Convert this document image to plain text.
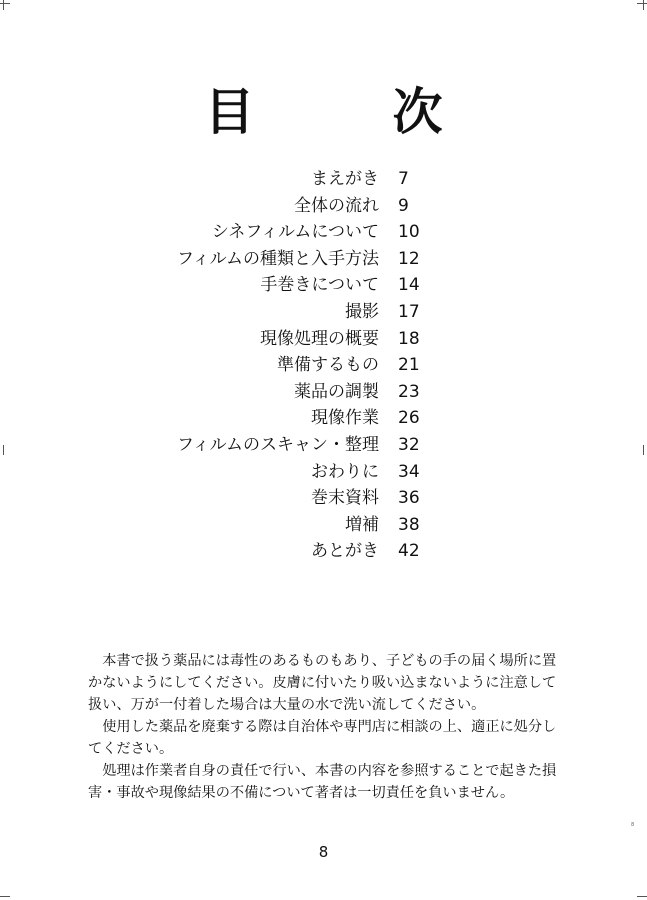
目　次
まえがき 7
全体の流れ 9
シネフィルムについて 10
フィルムの種類と入手方法 12
手巻きについて 14
撮影 17
現像処理の概要 18
準備するもの 21
薬品の調製 23
現像作業 26
フィルムのスキャン・整理 32
おわりに 34
巻末資料 36
増補 38
あとがき 42

本書で扱う薬品には毒性のあるものもあり、子どもの手の届く場所に置かないようにしてください。皮膚に付いたり吸い込まないように注意して扱い、万が一付着した場合は大量の水で洗い流してください。

使用した薬品を廃棄する際は自治体や専門店に相談の上、適正に処分してください。

処理は作業者自身の責任で行い、本書の内容を参照することで起きた損害・事故や現像結果の不備について著者は一切責任を負いません。

8
8
